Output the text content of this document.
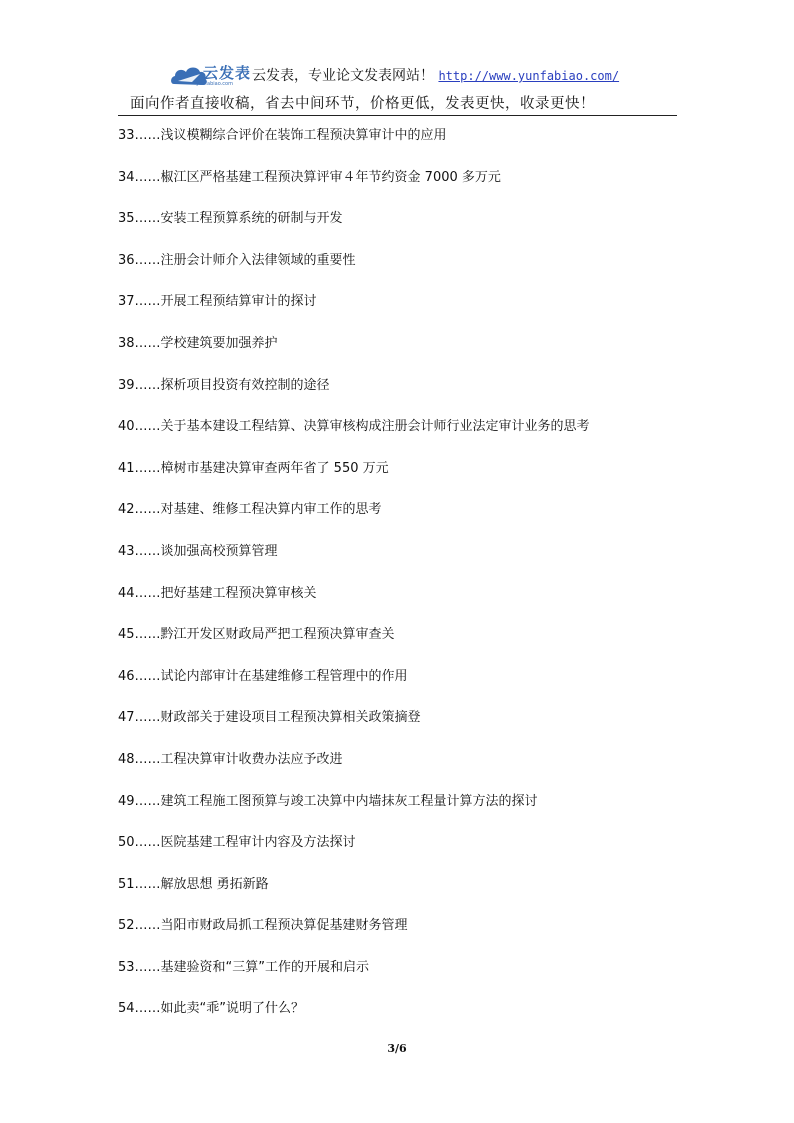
云发表
yunfabiao.com 云发表，专业论文发表网站！ http://www.yunfabiao.com/
面向作者直接收稿，省去中间环节，价格更低，发表更快，收录更快！
33……浅议模糊综合评价在装饰工程预决算审计中的应用
34……椒江区严格基建工程预决算评审４年节约资金 7000 多万元
35……安装工程预算系统的研制与开发
36……注册会计师介入法律领域的重要性
37……开展工程预结算审计的探讨
38……学校建筑要加强养护
39……探析项目投资有效控制的途径
40……关于基本建设工程结算、决算审核构成注册会计师行业法定审计业务的思考
41……樟树市基建决算审查两年省了 550 万元
42……对基建、维修工程决算内审工作的思考
43……谈加强高校预算管理
44……把好基建工程预决算审核关
45……黔江开发区财政局严把工程预决算审查关
46……试论内部审计在基建维修工程管理中的作用
47……财政部关于建设项目工程预决算相关政策摘登
48……工程决算审计收费办法应予改进
49……建筑工程施工图预算与竣工决算中内墙抹灰工程量计算方法的探讨
50……医院基建工程审计内容及方法探讨
51……解放思想 勇拓新路
52……当阳市财政局抓工程预决算促基建财务管理
53……基建验资和“三算”工作的开展和启示
54……如此卖“乖”说明了什么？
3/6
